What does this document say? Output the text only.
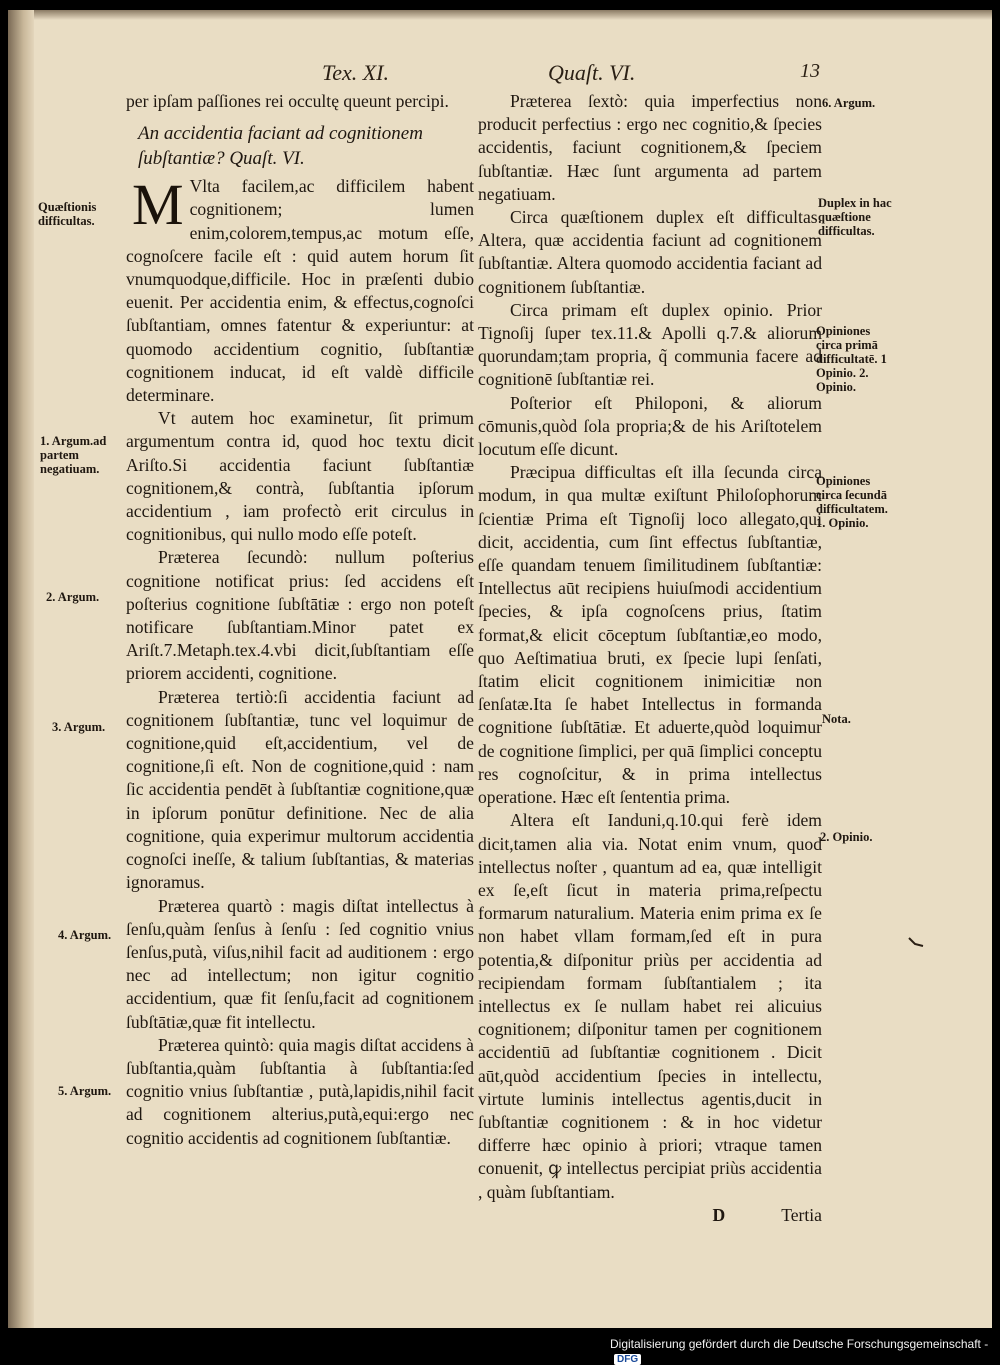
Tex. XI.	Quaſt. VI.	13

per ipſam paſſiones rei occultę queunt percipi.

An accidentia faciant ad cognitionem ſubſtantiæ? Quaſt. VI.

M Vlta facilem,ac difficilem habent cognitionem; lumen enim,colorem,tempus,ac motum eſſe, cognoſcere facile eſt : quid autem horum ſit vnumquodque,difficile. Hoc in præſenti dubio euenit. Per accidentia enim, & effectus,cognoſci ſubſtantiam, omnes fatentur & experiuntur: at quomodo accidentium cognitio, ſubſtantiæ cognitionem inducat, id eſt valdè difficile determinare.

Vt autem hoc examinetur, ſit primum argumentum contra id, quod hoc textu dicit Ariſto.Si accidentia faciunt ſubſtantiæ cognitionem,& contrà, ſubſtantia ipſorum accidentium , iam profectò erit circulus in cognitionibus, qui nullo modo eſſe poteſt.

Præterea ſecundò: nullum poſterius cognitione notificat prius: ſed accidens eſt poſterius cognitione ſubſtātiæ : ergo non poteſt notificare ſubſtantiam.Minor patet ex Ariſt.7.Metaph.tex.4.vbi dicit,ſubſtantiam eſſe priorem accidenti, cognitione.

Præterea tertiò:ſi accidentia faciunt ad cognitionem ſubſtantiæ, tunc vel loquimur de cognitione,quid eſt,accidentium, vel de cognitione,ſi eſt. Non de cognitione,quid : nam ſic accidentia pendēt à ſubſtantiæ cognitione,quæ in ipſorum ponūtur definitione. Nec de alia cognitione, quia experimur multorum accidentia cognoſci ineſſe, & talium ſubſtantias, & materias ignoramus.

Præterea quartò : magis diſtat intellectus à ſenſu,quàm ſenſus à ſenſu : ſed cognitio vnius ſenſus,putà, viſus,nihil facit ad auditionem : ergo nec ad intellectum; non igitur cognitio accidentium, quæ fit ſenſu,facit ad cognitionem ſubſtātiæ,quæ fit intellectu.

Præterea quintò: quia magis diſtat accidens à ſubſtantia,quàm ſubſtantia à ſubſtantia:ſed cognitio vnius ſubſtantiæ , putà,lapidis,nihil facit ad cognitionem alterius,putà,equi:ergo nec cognitio accidentis ad cognitionem ſubſtantiæ.

Præterea ſextò: quia imperfectius non producit perfectius : ergo nec cognitio,& ſpecies accidentis, faciunt cognitionem,& ſpeciem ſubſtantiæ. Hæc ſunt argumenta ad partem negatiuam.

Circa quæſtionem duplex eſt difficultas. Altera, quæ accidentia faciunt ad cognitionem ſubſtantiæ. Altera quomodo accidentia faciant ad cognitionem ſubſtantiæ.

Circa primam eſt duplex opinio. Prior Tignoſij ſuper tex.11.& Apolli q.7.& aliorum quorundam;tam propria, q̃ communia facere ad cognitionē ſubſtantiæ rei.

Poſterior eſt Philoponi, & aliorum cōmunis,quòd ſola propria;& de his Ariſtotelem locutum eſſe dicunt.

Præcipua difficultas eſt illa ſecunda circa modum, in qua multæ exiſtunt Philoſophorum ſcientiæ Prima eſt Tignoſij loco allegato,qui dicit, accidentia, cum ſint effectus ſubſtantiæ, eſſe quandam tenuem ſimilitudinem ſubſtantiæ: Intellectus aūt recipiens huiuſmodi accidentium ſpecies, & ipſa cognoſcens prius, ſtatim format,& elicit cōceptum ſubſtantiæ,eo modo, quo Aeſtimatiua bruti, ex ſpecie lupi ſenſati, ſtatim elicit cognitionem inimicitiæ non ſenſatæ.Ita ſe habet Intellectus in formanda cognitione ſubſtātiæ. Et aduerte,quòd loquimur de cognitione ſimplici, per quā ſimplici conceptu res cognoſcitur, & in prima intellectus operatione. Hæc eſt ſententia prima.

Altera eſt Ianduni,q.10.qui ferè idem dicit,tamen alia via. Notat enim vnum, quod intellectus noſter , quantum ad ea, quæ intelligit ex ſe,eſt ſicut in materia prima,reſpectu formarum naturalium. Materia enim prima ex ſe non habet vllam formam,ſed eſt in pura potentia,& diſponitur priùs per accidentia ad recipiendam formam ſubſtantialem ; ita intellectus ex ſe nullam habet rei alicuius cognitionem; diſponitur tamen per cognitionem accidentiū ad ſubſtantiæ cognitionem . Dicit aūt,quòd accidentium ſpecies in intellectu, virtute luminis intellectus agentis,ducit in ſubſtantiæ cognitionem : & in hoc videtur differre hæc opinio à priori; vtraque tamen conuenit, ꝙ intellectus percipiat priùs accidentia , quàm ſubſtantiam.

D	Tertia

Quæſtionis difficultas.
1. Argum.ad partem negatiuam.
2. Argum.
3. Argum.
4. Argum.
5. Argum.
6. Argum.
Duplex in hac quæſtione difficultas.
Opiniones circa primā difficultatē. 1 Opinio. 2. Opinio.
Opiniones circa ſecundā difficultatem. 1. Opinio.
Nota.
2. Opinio.
Digitalisierung gefördert durch die Deutsche Forschungsgemeinschaft -DFG
